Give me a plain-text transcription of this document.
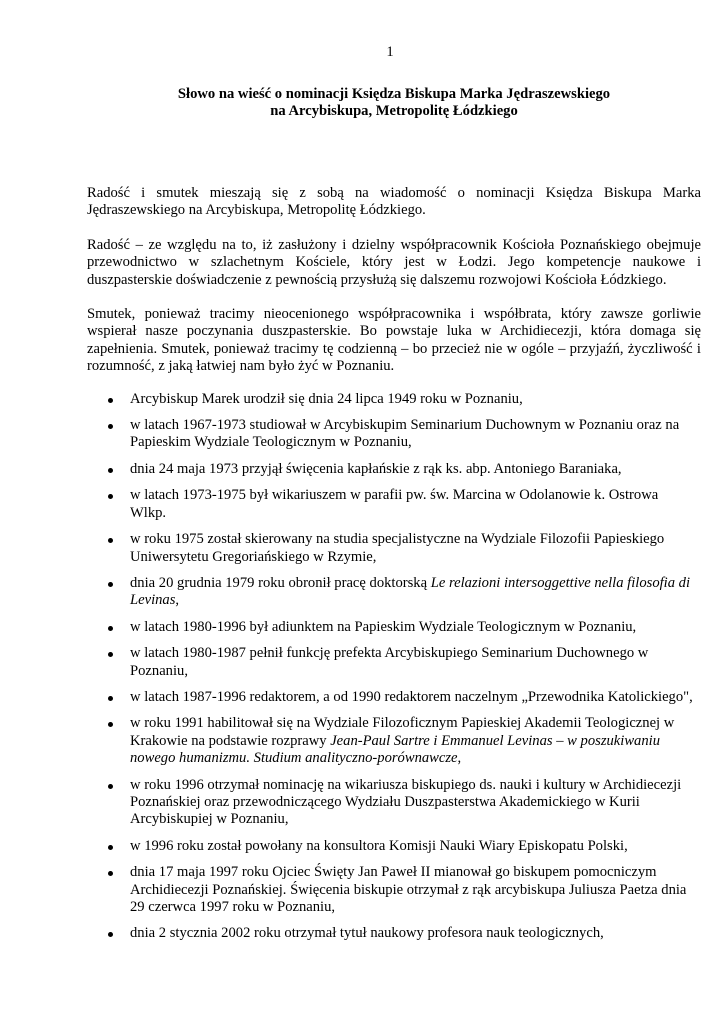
1
Słowo na wieść o nominacji Księdza Biskupa Marka Jędraszewskiego
na Arcybiskupa, Metropolitę Łódzkiego

Radość i smutek mieszają się z sobą na wiadomość o nominacji Księdza Biskupa Marka Jędraszewskiego na Arcybiskupa, Metropolitę Łódzkiego.

Radość – ze względu na to, iż zasłużony i dzielny współpracownik Kościoła Poznańskiego obejmuje przewodnictwo w szlachetnym Kościele, który jest w Łodzi. Jego kompetencje naukowe i duszpasterskie doświadczenie z pewnością przysłużą się dalszemu rozwojowi Kościoła Łódzkiego.

Smutek, ponieważ tracimy nieocenionego współpracownika i współbrata, który zawsze gorliwie wspierał nasze poczynania duszpasterskie. Bo powstaje luka w Archidiecezji, która domaga się zapełnienia. Smutek, ponieważ tracimy tę codzienną – bo przecież nie w ogóle – przyjaźń, życzliwość i rozumność, z jaką łatwiej nam było żyć w Poznaniu.

Arcybiskup Marek urodził się dnia 24 lipca 1949 roku w Poznaniu,
w latach 1967-1973 studiował w Arcybiskupim Seminarium Duchownym w Poznaniu oraz na Papieskim Wydziale Teologicznym w Poznaniu,
dnia 24 maja 1973 przyjął święcenia kapłańskie z rąk ks. abp. Antoniego Baraniaka,
w latach 1973-1975 był wikariuszem w parafii pw. św. Marcina w Odolanowie k. Ostrowa Wlkp.
w roku 1975 został skierowany na studia specjalistyczne na Wydziale Filozofii Papieskiego Uniwersytetu Gregoriańskiego w Rzymie,
dnia 20 grudnia 1979 roku obronił pracę doktorską Le relazioni intersoggettive nella filosofia di Levinas,
w latach 1980-1996 był adiunktem na Papieskim Wydziale Teologicznym w Poznaniu,
w latach 1980-1987 pełnił funkcję prefekta Arcybiskupiego Seminarium Duchownego w Poznaniu,
w latach 1987-1996 redaktorem, a od 1990 redaktorem naczelnym „Przewodnika Katolickiego",
w roku 1991 habilitował się na Wydziale Filozoficznym Papieskiej Akademii Teologicznej w Krakowie na podstawie rozprawy Jean-Paul Sartre i Emmanuel Levinas – w poszukiwaniu nowego humanizmu. Studium analityczno-porównawcze,
w roku 1996 otrzymał nominację na wikariusza biskupiego ds. nauki i kultury w Archidiecezji Poznańskiej oraz przewodniczącego Wydziału Duszpasterstwa Akademickiego w Kurii Arcybiskupiej w Poznaniu,
w 1996 roku został powołany na konsultora Komisji Nauki Wiary Episkopatu Polski,
dnia 17 maja 1997 roku Ojciec Święty Jan Paweł II mianował go biskupem pomocniczym Archidiecezji Poznańskiej. Święcenia biskupie otrzymał z rąk arcybiskupa Juliusza Paetza dnia 29 czerwca 1997 roku w Poznaniu,
dnia 2 stycznia 2002 roku otrzymał tytuł naukowy profesora nauk teologicznych,
